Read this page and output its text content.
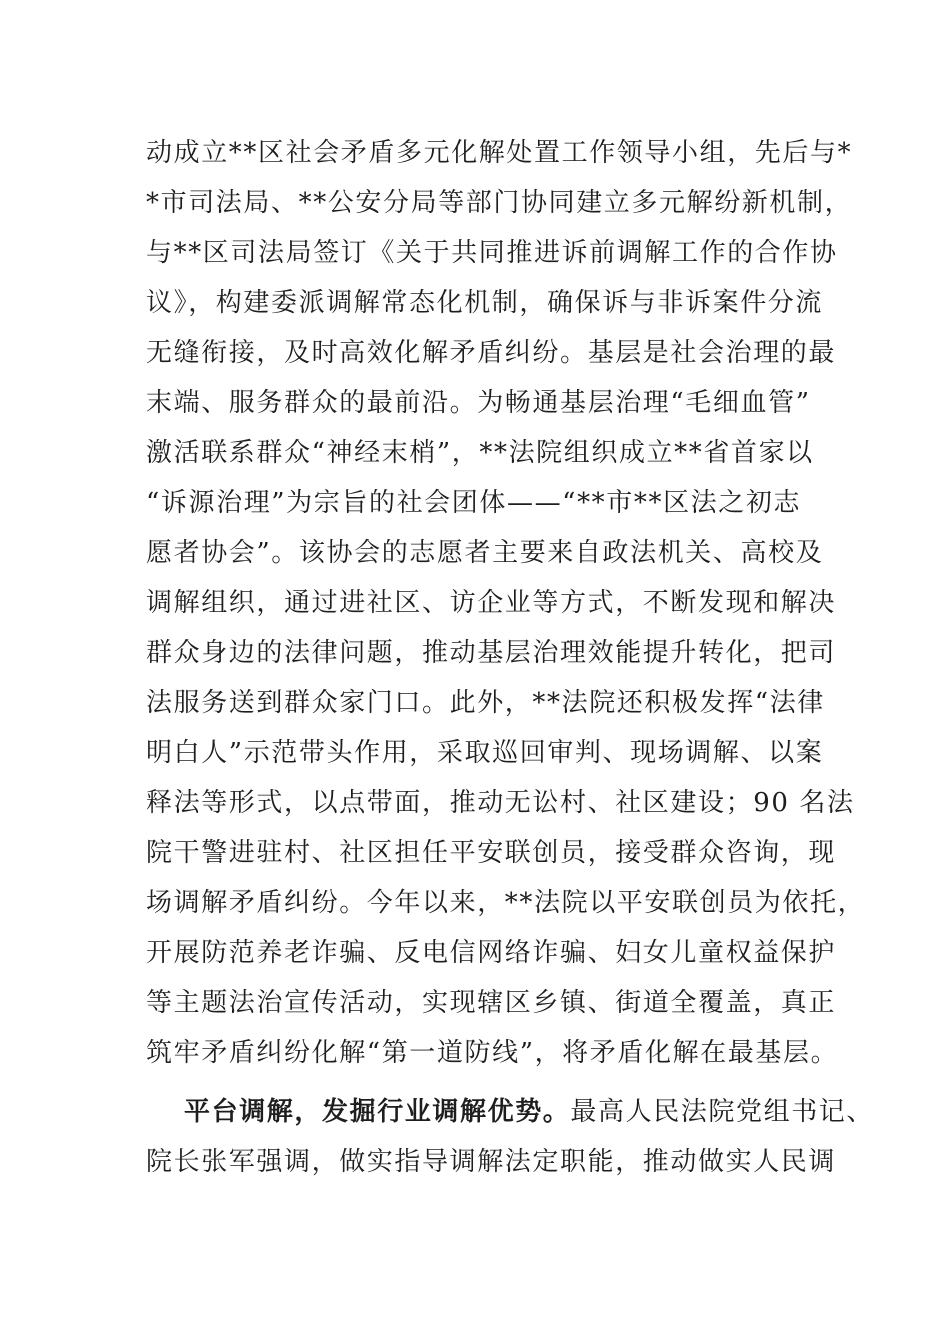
动成立**区社会矛盾多元化解处置工作领导小组，先后与*
*市司法局、**公安分局等部门协同建立多元解纷新机制，
与**区司法局签订《关于共同推进诉前调解工作的合作协
议》，构建委派调解常态化机制，确保诉与非诉案件分流
无缝衔接，及时高效化解矛盾纠纷。基层是社会治理的最
末端、服务群众的最前沿。为畅通基层治理“毛细血管”
激活联系群众“神经末梢”，**法院组织成立**省首家以
“诉源治理”为宗旨的社会团体——“**市**区法之初志
愿者协会”。该协会的志愿者主要来自政法机关、高校及
调解组织，通过进社区、访企业等方式，不断发现和解决
群众身边的法律问题，推动基层治理效能提升转化，把司
法服务送到群众家门口。此外，**法院还积极发挥“法律
明白人”示范带头作用，采取巡回审判、现场调解、以案
释法等形式，以点带面，推动无讼村、社区建设；90 名法
院干警进驻村、社区担任平安联创员，接受群众咨询，现
场调解矛盾纠纷。今年以来，**法院以平安联创员为依托，
开展防范养老诈骗、反电信网络诈骗、妇女儿童权益保护
等主题法治宣传活动，实现辖区乡镇、街道全覆盖，真正
筑牢矛盾纠纷化解“第一道防线”，将矛盾化解在最基层。
平台调解，发掘行业调解优势。最高人民法院党组书记、
院长张军强调，做实指导调解法定职能，推动做实人民调
